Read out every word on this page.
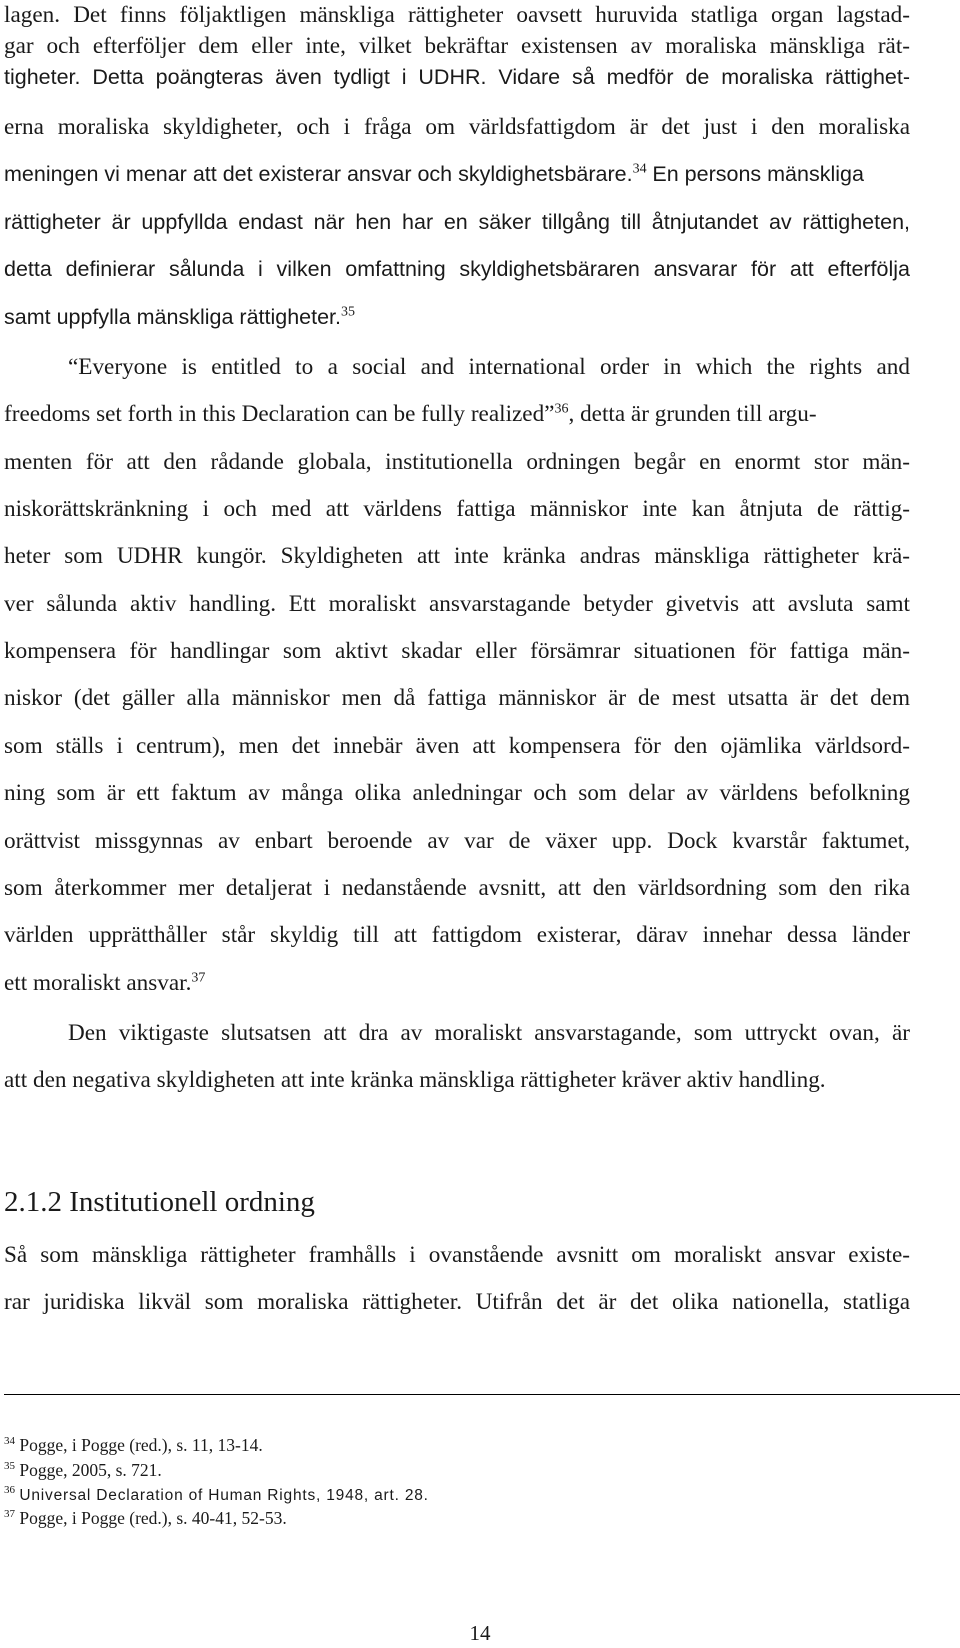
lagen. Det finns följaktligen mänskliga rättigheter oavsett huruvida statliga organ lagstad-
gar och efterföljer dem eller inte, vilket bekräftar existensen av moraliska mänskliga rät-
tigheter. Detta poängteras även tydligt i UDHR. Vidare så medför de moraliska rättighet-
erna moraliska skyldigheter, och i fråga om världsfattigdom är det just i den moraliska
meningen vi menar att det existerar ansvar och skyldighetsbärare.$^{34}$ En persons mänskliga
rättigheter är uppfyllda endast när hen har en säker tillgång till åtnjutandet av rättigheten,
detta definierar sålunda i vilken omfattning skyldighetsbäraren ansvarar för att efterfölja
samt uppfylla mänskliga rättigheter.$^{35}$
“Everyone is entitled to a social and international order in which the rights and
freedoms set forth in this Declaration can be fully realized”$^{36}$, detta är grunden till argu-
menten för att den rådande globala, institutionella ordningen begår en enormt stor män-
niskorättskränkning i och med att världens fattiga människor inte kan åtnjuta de rättig-
heter som UDHR kungör. Skyldigheten att inte kränka andras mänskliga rättigheter krä-
ver sålunda aktiv handling. Ett moraliskt ansvarstagande betyder givetvis att avsluta samt
kompensera för handlingar som aktivt skadar eller försämrar situationen för fattiga män-
niskor (det gäller alla människor men då fattiga människor är de mest utsatta är det dem
som ställs i centrum), men det innebär även att kompensera för den ojämlika världsord-
ning som är ett faktum av många olika anledningar och som delar av världens befolkning
orättvist missgynnas av enbart beroende av var de växer upp. Dock kvarstår faktumet,
som återkommer mer detaljerat i nedanstående avsnitt, att den världsordning som den rika
världen upprätthåller står skyldig till att fattigdom existerar, därav innehar dessa länder
ett moraliskt ansvar.$^{37}$
Den viktigaste slutsatsen att dra av moraliskt ansvarstagande, som uttryckt ovan, är
att den negativa skyldigheten att inte kränka mänskliga rättigheter kräver aktiv handling.
2.1.2 Institutionell ordning
Så som mänskliga rättigheter framhålls i ovanstående avsnitt om moraliskt ansvar existe-
rar juridiska likväl som moraliska rättigheter. Utifrån det är det olika nationella, statliga
$^{34}$ Pogge, i Pogge (red.), s. 11, 13-14.
$^{35}$ Pogge, 2005, s. 721.
$^{36}$ Universal Declaration of Human Rights, 1948, art. 28.
$^{37}$ Pogge, i Pogge (red.), s. 40-41, 52-53.
14
